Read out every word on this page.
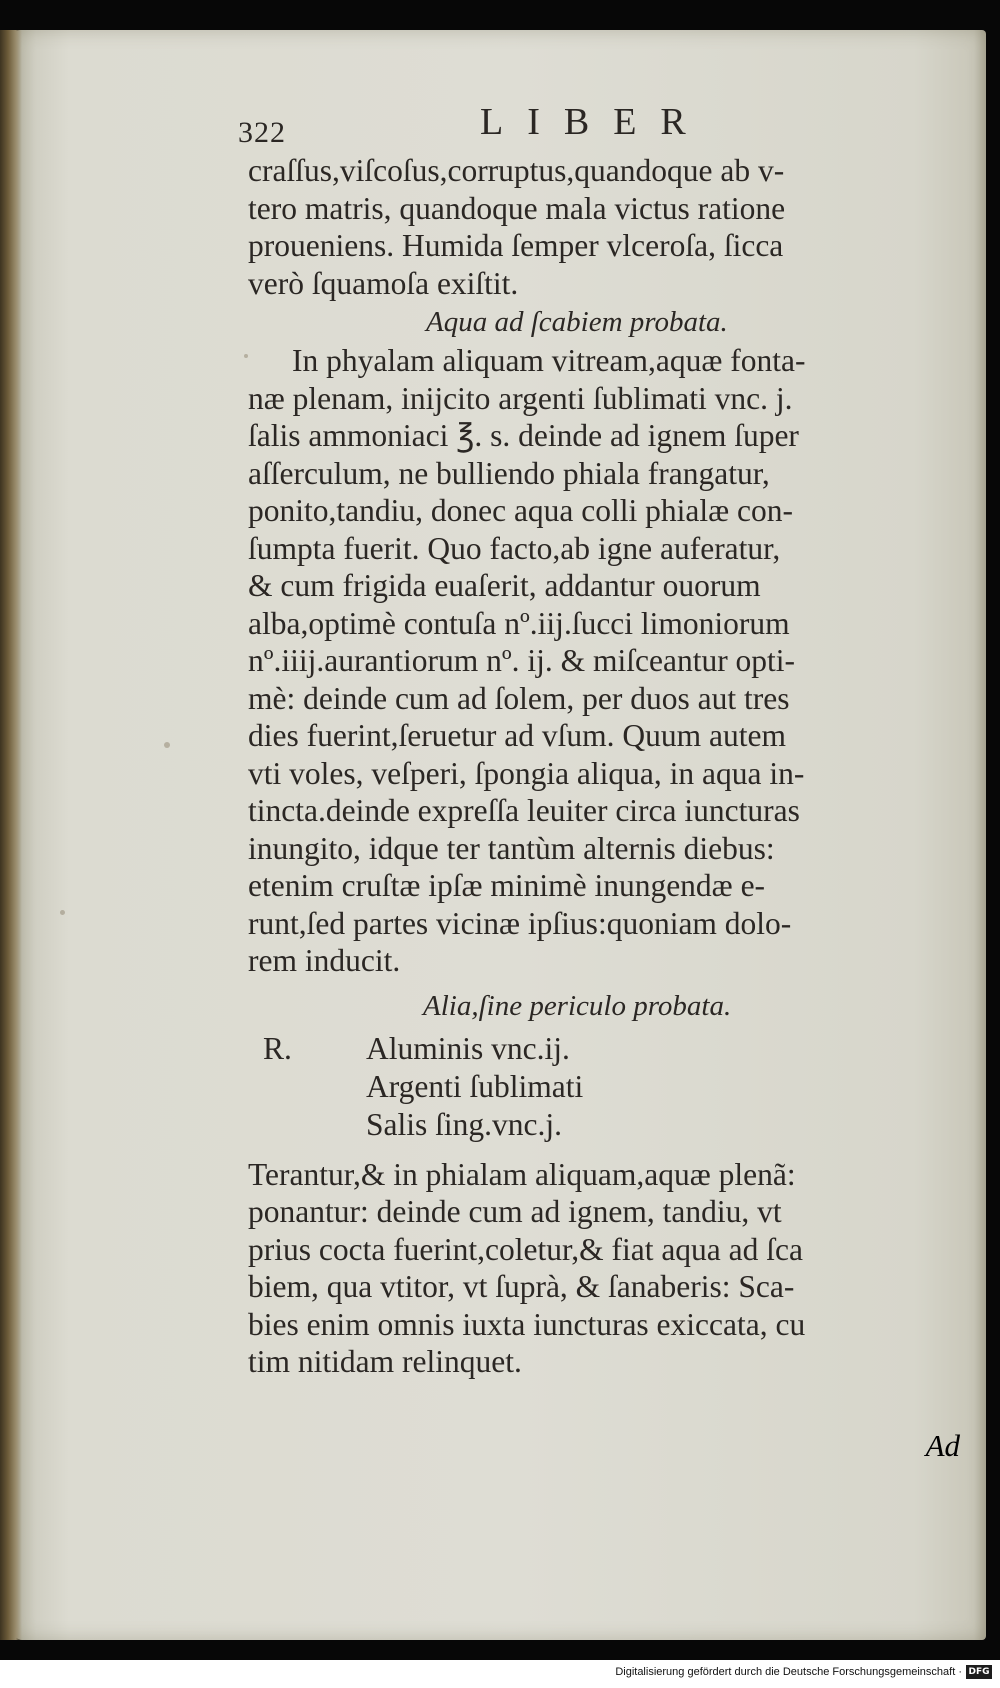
322	LIBER
craſſus,viſcoſus,corruptus,quandoque ab v-
tero matris, quandoque mala victus ratione
proueniens. Humida ſemper vlceroſa, ſicca
verò ſquamoſa exiſtit.
Aqua ad ſcabiem probata.
In phyalam aliquam vitream,aquæ fonta-
næ plenam, inijcito argenti ſublimati vnc. j.
ſalis ammoniaci ℥. s. deinde ad ignem ſuper
aſſerculum, ne bulliendo phiala frangatur,
ponito,tandiu, donec aqua colli phialæ con-
ſumpta fuerit. Quo facto,ab igne auferatur,
& cum frigida euaſerit, addantur ouorum
alba,optimè contuſa nº.iij.ſucci limoniorum
nº.iiij.aurantiorum nº. ij. & miſceantur opti-
mè: deinde cum ad ſolem, per duos aut tres
dies fuerint,ſeruetur ad vſum. Quum autem
vti voles, veſperi, ſpongia aliqua, in aqua in-
tincta.deinde expreſſa leuiter circa iuncturas
inungito, idque ter tantùm alternis diebus:
etenim cruſtæ ipſæ minimè inungendæ e-
runt,ſed partes vicinæ ipſius:quoniam dolo-
rem inducit.
Alia,ſine periculo probata.
R. Aluminis vnc.ij.
Argenti ſublimati
Salis ſing.vnc.j.
Terantur,& in phialam aliquam,aquæ plenã:
ponantur: deinde cum ad ignem, tandiu, vt
prius cocta fuerint,coletur,& fiat aqua ad ſca
biem, qua vtitor, vt ſuprà, & ſanaberis: Sca-
bies enim omnis iuxta iuncturas exiccata, cu
tim nitidam relinquet.
Ad
Digitalisierung gefördert durch die Deutsche Forschungsgemeinschaft · DFG
